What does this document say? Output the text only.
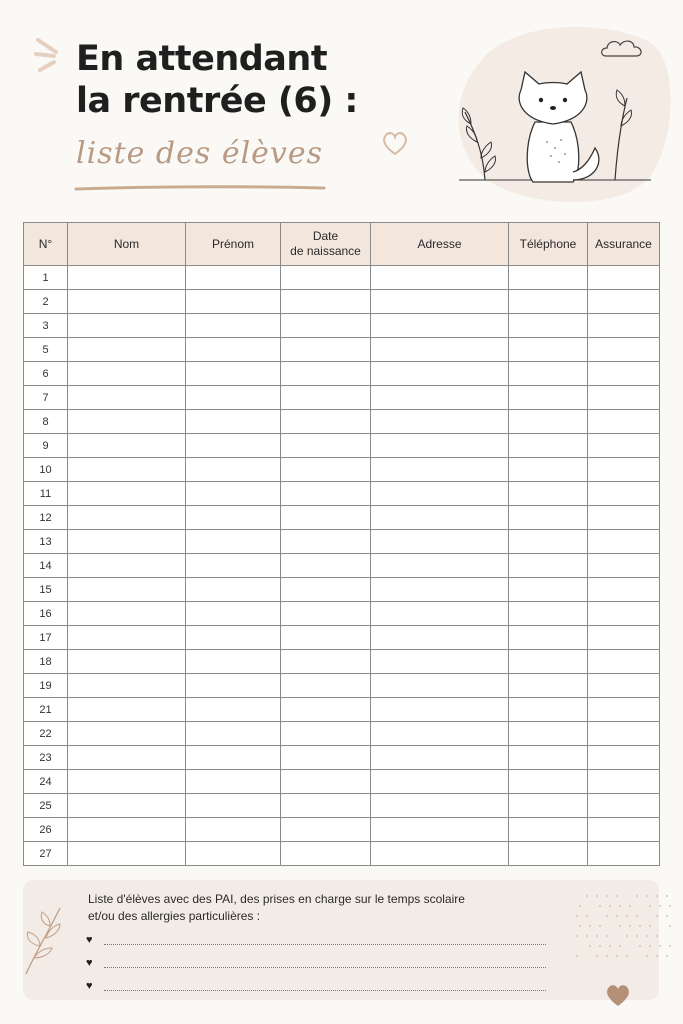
En attendant
la rentrée (6) :
liste des élèves
N°	Nom	Prénom	Date
de naissance	Adresse	Téléphone	Assurance
1						
2						
3						
5						
6						
7						
8						
9						
10						
11						
12						
13						
14						
15						
16						
17						
18						
19						
21						
22						
23						
24						
25						
26						
27						
Liste d'élèves avec des PAI, des prises en charge sur le temps scolaire
et/ou des allergies particulières :
♥
♥
♥
